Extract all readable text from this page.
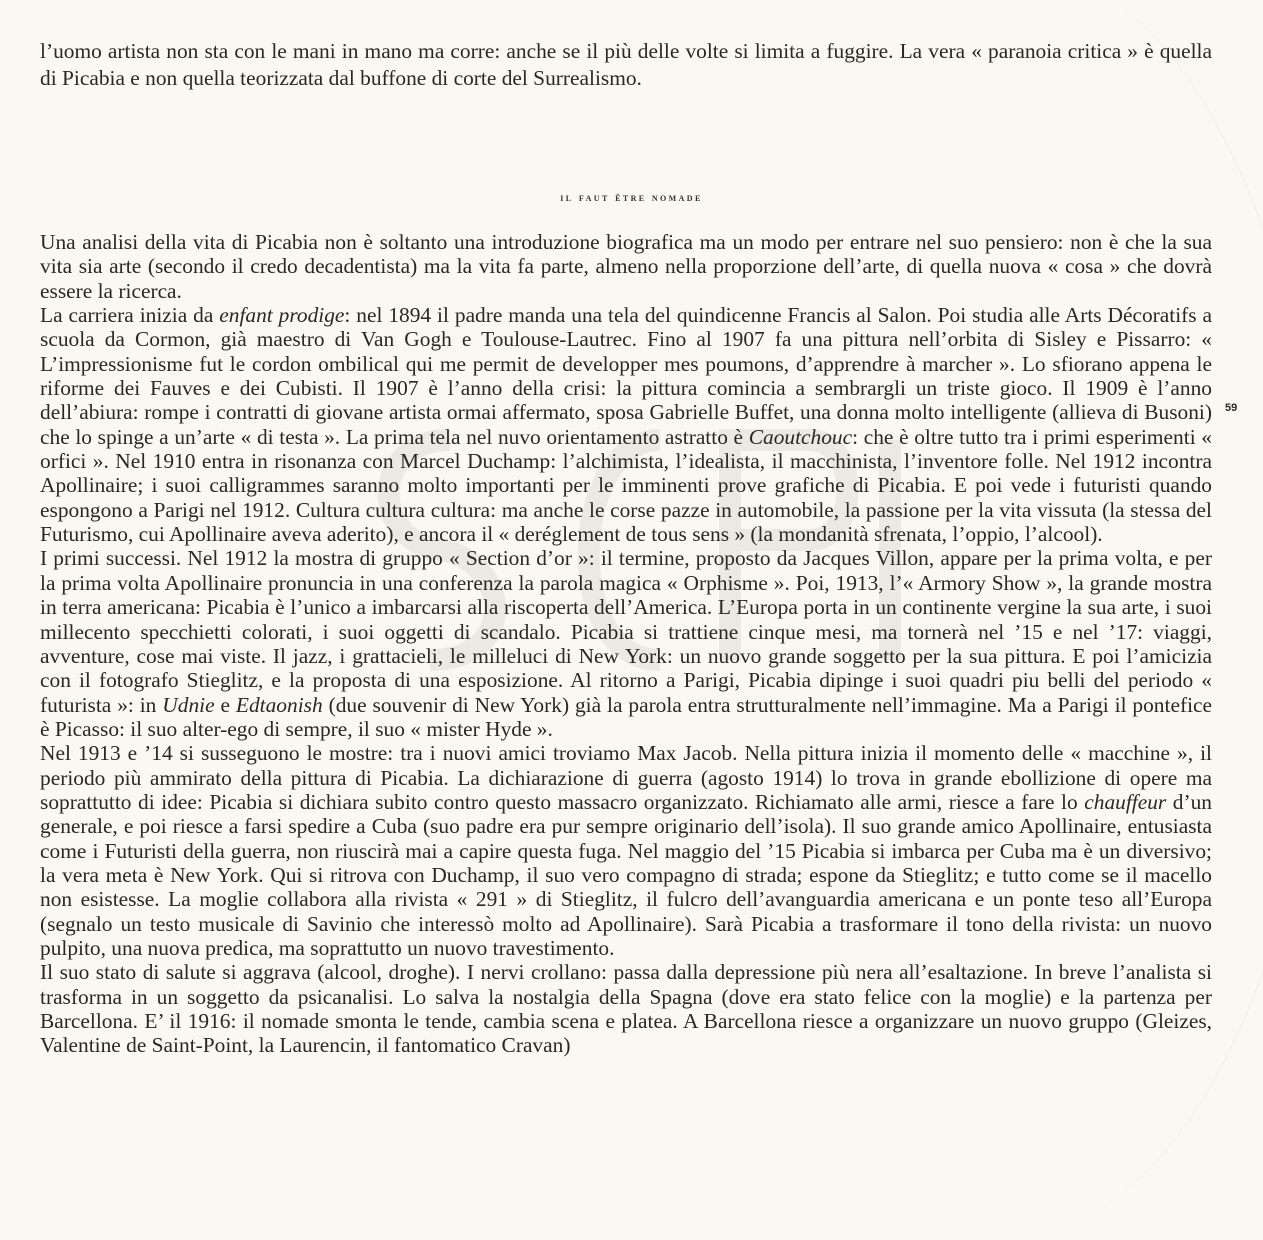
l’uomo artista non sta con le mani in mano ma corre: anche se il più delle volte si limita a fuggire. La vera « paranoia critica » è quella di Picabia e non quella teorizzata dal buffone di corte del Surrealismo.

il faut être nomade

Una analisi della vita di Picabia non è soltanto una introduzione biografica ma un modo per entrare nel suo pensiero: non è che la sua vita sia arte (secondo il credo decadentista) ma la vita fa parte, almeno nella proporzione dell’arte, di quella nuova « cosa » che dovrà essere la ricerca.

La carriera inizia da enfant prodige: nel 1894 il padre manda una tela del quindicenne Francis al Salon. Poi studia alle Arts Décoratifs a scuola da Cormon, già maestro di Van Gogh e Toulouse-Lautrec. Fino al 1907 fa una pittura nell’orbita di Sisley e Pissarro: « L’impressionisme fut le cordon ombilical qui me permit de developper mes poumons, d’apprendre à marcher ». Lo sfiorano appena le riforme dei Fauves e dei Cubisti. Il 1907 è l’anno della crisi: la pittura comincia a sembrargli un triste gioco. Il 1909 è l’anno dell’abiura: rompe i contratti di giovane artista ormai affermato, sposa Gabrielle Buffet, una donna molto intelligente (allieva di Busoni) che lo spinge a un’arte « di testa ». La prima tela nel nuvo orientamento astratto è Caoutchouc: che è oltre tutto tra i primi esperimenti « orfici ». Nel 1910 entra in risonanza con Marcel Duchamp: l’alchimista, l’idealista, il macchinista, l’inventore folle. Nel 1912 incontra Apollinaire; i suoi calligrammes saranno molto importanti per le imminenti prove grafiche di Picabia. E poi vede i futuristi quando espongono a Parigi nel 1912. Cultura cultura cultura: ma anche le corse pazze in automobile, la passione per la vita vissuta (la stessa del Futurismo, cui Apollinaire aveva aderito), e ancora il « deréglement de tous sens » (la mondanità sfrenata, l’oppio, l’alcool).

I primi successi. Nel 1912 la mostra di gruppo « Section d’or »: il termine, proposto da Jacques Villon, appare per la prima volta, e per la prima volta Apollinaire pronuncia in una conferenza la parola magica « Orphisme ». Poi, 1913, l’« Armory Show », la grande mostra in terra americana: Picabia è l’unico a imbarcarsi alla riscoperta dell’America. L’Europa porta in un continente vergine la sua arte, i suoi millecento specchietti colorati, i suoi oggetti di scandalo. Picabia si trattiene cinque mesi, ma tornerà nel ’15 e nel ’17: viaggi, avventure, cose mai viste. Il jazz, i grattacieli, le milleluci di New York: un nuovo grande soggetto per la sua pittura. E poi l’amicizia con il fotografo Stieglitz, e la proposta di una esposizione. Al ritorno a Parigi, Picabia dipinge i suoi quadri piu belli del periodo « futurista »: in Udnie e Edtaonish (due souvenir di New York) già la parola entra strutturalmente nell’immagine. Ma a Parigi il pontefice è Picasso: il suo alter-ego di sempre, il suo « mister Hyde ».

Nel 1913 e ’14 si susseguono le mostre: tra i nuovi amici troviamo Max Jacob. Nella pittura inizia il momento delle « macchine », il periodo più ammirato della pittura di Picabia. La dichiarazione di guerra (agosto 1914) lo trova in grande ebollizione di opere ma soprattutto di idee: Picabia si dichiara subito contro questo massacro organizzato. Richiamato alle armi, riesce a fare lo chauffeur d’un generale, e poi riesce a farsi spedire a Cuba (suo padre era pur sempre originario dell’isola). Il suo grande amico Apollinaire, entusiasta come i Futuristi della guerra, non riuscirà mai a capire questa fuga. Nel maggio del ’15 Picabia si imbarca per Cuba ma è un diversivo; la vera meta è New York. Qui si ritrova con Duchamp, il suo vero compagno di strada; espone da Stieglitz; e tutto come se il macello non esistesse. La moglie collabora alla rivista « 291 » di Stieglitz, il fulcro dell’avanguardia americana e un ponte teso all’Europa (segnalo un testo musicale di Savinio che interessò molto ad Apollinaire). Sarà Picabia a trasformare il tono della rivista: un nuovo pulpito, una nuova predica, ma soprattutto un nuovo travestimento.

Il suo stato di salute si aggrava (alcool, droghe). I nervi crollano: passa dalla depressione più nera all’esaltazione. In breve l’analista si trasforma in un soggetto da psicanalisi. Lo salva la nostalgia della Spagna (dove era stato felice con la moglie) e la partenza per Barcellona. E’ il 1916: il nomade smonta le tende, cambia scena e platea. A Barcellona riesce a organizzare un nuovo gruppo (Gleizes, Valentine de Saint-Point, la Laurencin, il fantomatico Cravan)

59
